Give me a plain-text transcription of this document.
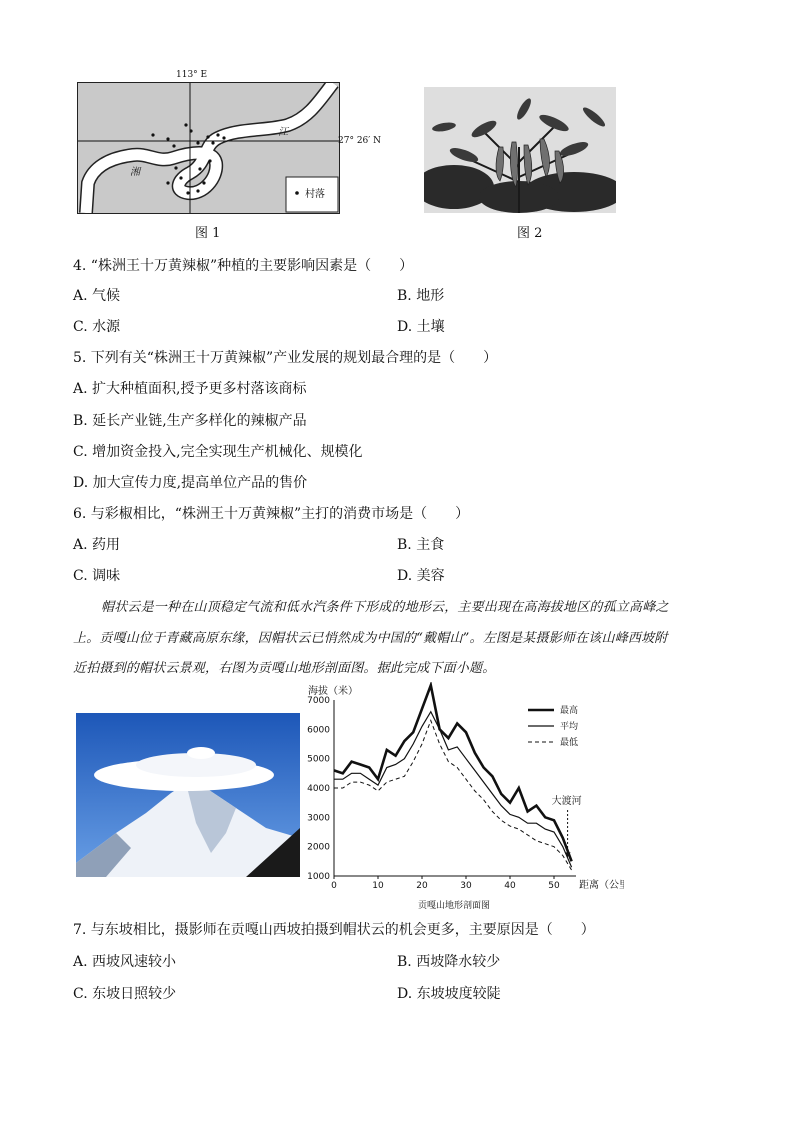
村落
江
湘
113° E
27° 26′ N
图 1	图 2
4. “株洲王十万黄辣椒”种植的主要影响因素是（　　）
A. 气候	B. 地形
C. 水源	D. 土壤
5. 下列有关“株洲王十万黄辣椒”产业发展的规划最合理的是（　　）
A. 扩大种植面积,授予更多村落该商标
B. 延长产业链,生产多样化的辣椒产品
C. 增加资金投入,完全实现生产机械化、规模化
D. 加大宣传力度,提高单位产品的售价
6. 与彩椒相比，“株洲王十万黄辣椒”主打的消费市场是（　　）
A. 药用	B. 主食
C. 调味	D. 美容
帽状云是一种在山顶稳定气流和低水汽条件下形成的地形云，主要出现在高海拔地区的孤立高峰之
上。贡嘎山位于青藏高原东缘，因帽状云已悄然成为中国的“戴帽山”。左图是某摄影师在该山峰西坡附
近拍摄到的帽状云景观，右图为贡嘎山地形剖面图。据此完成下面小题。
海拔（米）
大渡河
距离（公
贡嘎山地形剖面图
1000
2000
3000
4000
5000
6000
7000
0	10	20	30	40	50
最高
平均
最低
7. 与东坡相比，摄影师在贡嘎山西坡拍摄到帽状云的机会更多，主要原因是（　　）
A. 西坡风速较小	B. 西坡降水较少
C. 东坡日照较少	D. 东坡坡度较陡
